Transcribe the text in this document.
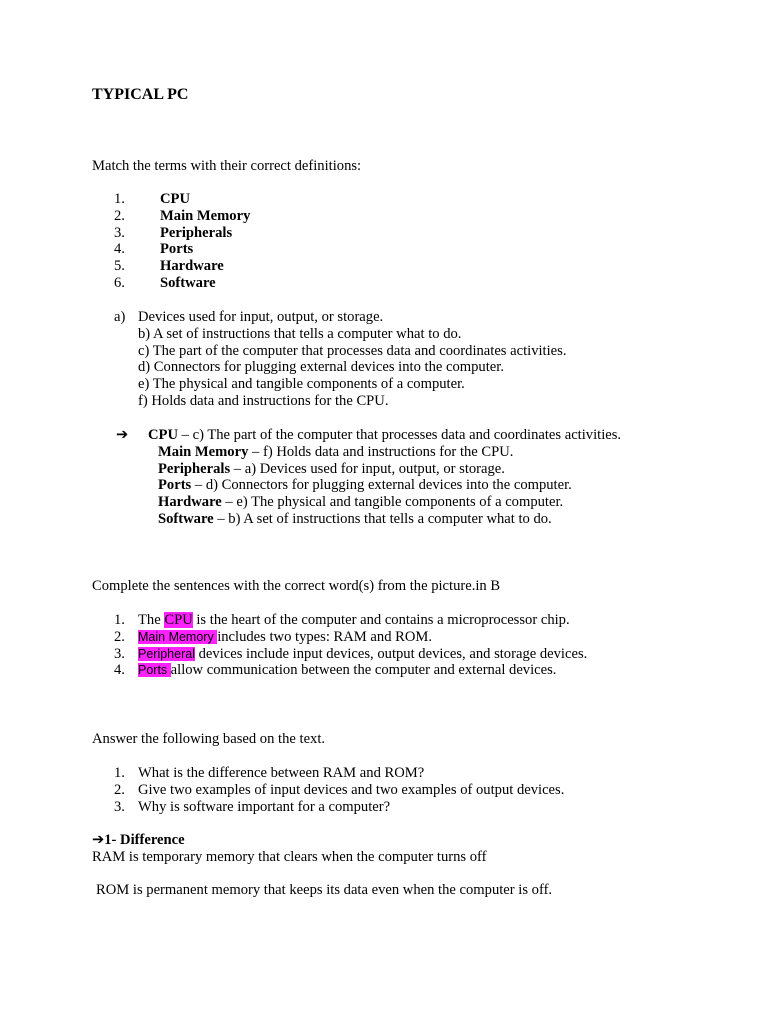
TYPICAL PC
Match the terms with their correct definitions:
1. CPU
2. Main Memory
3. Peripherals
4. Ports
5. Hardware
6. Software
a) Devices used for input, output, or storage.
b) A set of instructions that tells a computer what to do.
c) The part of the computer that processes data and coordinates activities.
d) Connectors for plugging external devices into the computer.
e) The physical and tangible components of a computer.
f) Holds data and instructions for the CPU.
➔ CPU – c) The part of the computer that processes data and coordinates activities.
Main Memory – f) Holds data and instructions for the CPU.
Peripherals – a) Devices used for input, output, or storage.
Ports – d) Connectors for plugging external devices into the computer.
Hardware – e) The physical and tangible components of a computer.
Software – b) A set of instructions that tells a computer what to do.
Complete the sentences with the correct word(s) from the picture.in B
1. The CPU is the heart of the computer and contains a microprocessor chip.
2. Main Memory includes two types: RAM and ROM.
3. Peripheral devices include input devices, output devices, and storage devices.
4. Ports allow communication between the computer and external devices.
Answer the following based on the text.
1. What is the difference between RAM and ROM?
2. Give two examples of input devices and two examples of output devices.
3. Why is software important for a computer?
➔1- Difference
RAM is temporary memory that clears when the computer turns off
ROM is permanent memory that keeps its data even when the computer is off.
